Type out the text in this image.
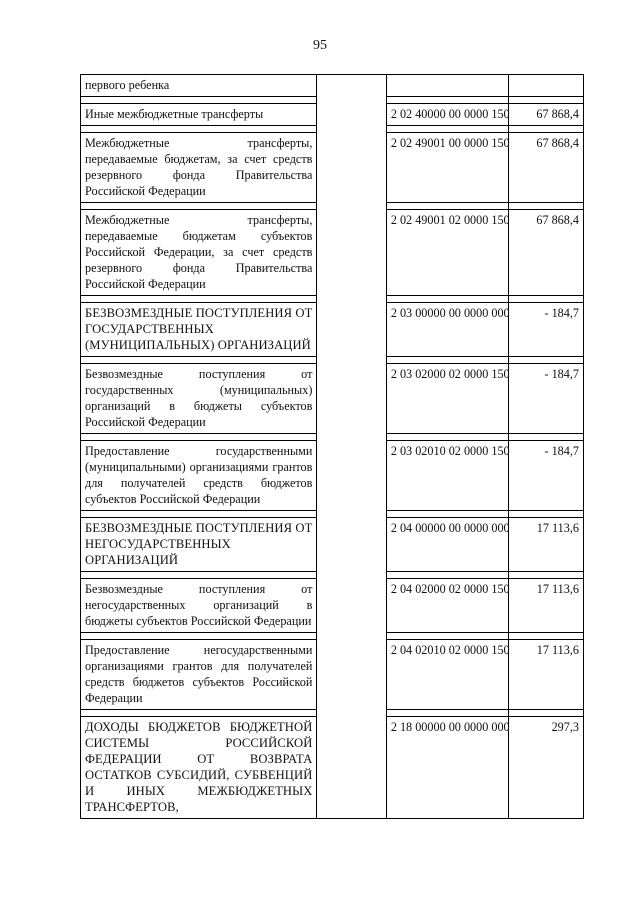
95
первого ребенка			

Иные межбюджетные трансферты		2 02 40000 00 0000 150	67 868,4

Межбюджетные трансферты, передаваемые бюджетам, за счет средств резервного фонда Правительства Российской Федерации		2 02 49001 00 0000 150	67 868,4

Межбюджетные трансферты, передаваемые бюджетам субъектов Российской Федерации, за счет средств резервного фонда Правительства Российской Федерации		2 02 49001 02 0000 150	67 868,4

БЕЗВОЗМЕЗДНЫЕ ПОСТУПЛЕНИЯ ОТ ГОСУДАРСТВЕННЫХ (МУНИЦИПАЛЬНЫХ) ОРГАНИЗАЦИЙ		2 03 00000 00 0000 000	- 184,7

Безвозмездные поступления от государственных (муниципальных) организаций в бюджеты субъектов Российской Федерации		2 03 02000 02 0000 150	- 184,7

Предоставление государственными (муниципальными) организациями грантов для получателей средств бюджетов субъектов Российской Федерации		2 03 02010 02 0000 150	- 184,7

БЕЗВОЗМЕЗДНЫЕ ПОСТУПЛЕНИЯ ОТ НЕГОСУДАРСТВЕННЫХ ОРГАНИЗАЦИЙ		2 04 00000 00 0000 000	17 113,6

Безвозмездные поступления от негосударственных организаций в бюджеты субъектов Российской Федерации		2 04 02000 02 0000 150	17 113,6

Предоставление негосударственными организациями грантов для получателей средств бюджетов субъектов Российской Федерации		2 04 02010 02 0000 150	17 113,6

ДОХОДЫ БЮДЖЕТОВ БЮДЖЕТНОЙ СИСТЕМЫ РОССИЙСКОЙ ФЕДЕРАЦИИ ОТ ВОЗВРАТА ОСТАТКОВ СУБСИДИЙ, СУБВЕНЦИЙ И ИНЫХ МЕЖБЮДЖЕТНЫХ ТРАНСФЕРТОВ,		2 18 00000 00 0000 000	297,3
